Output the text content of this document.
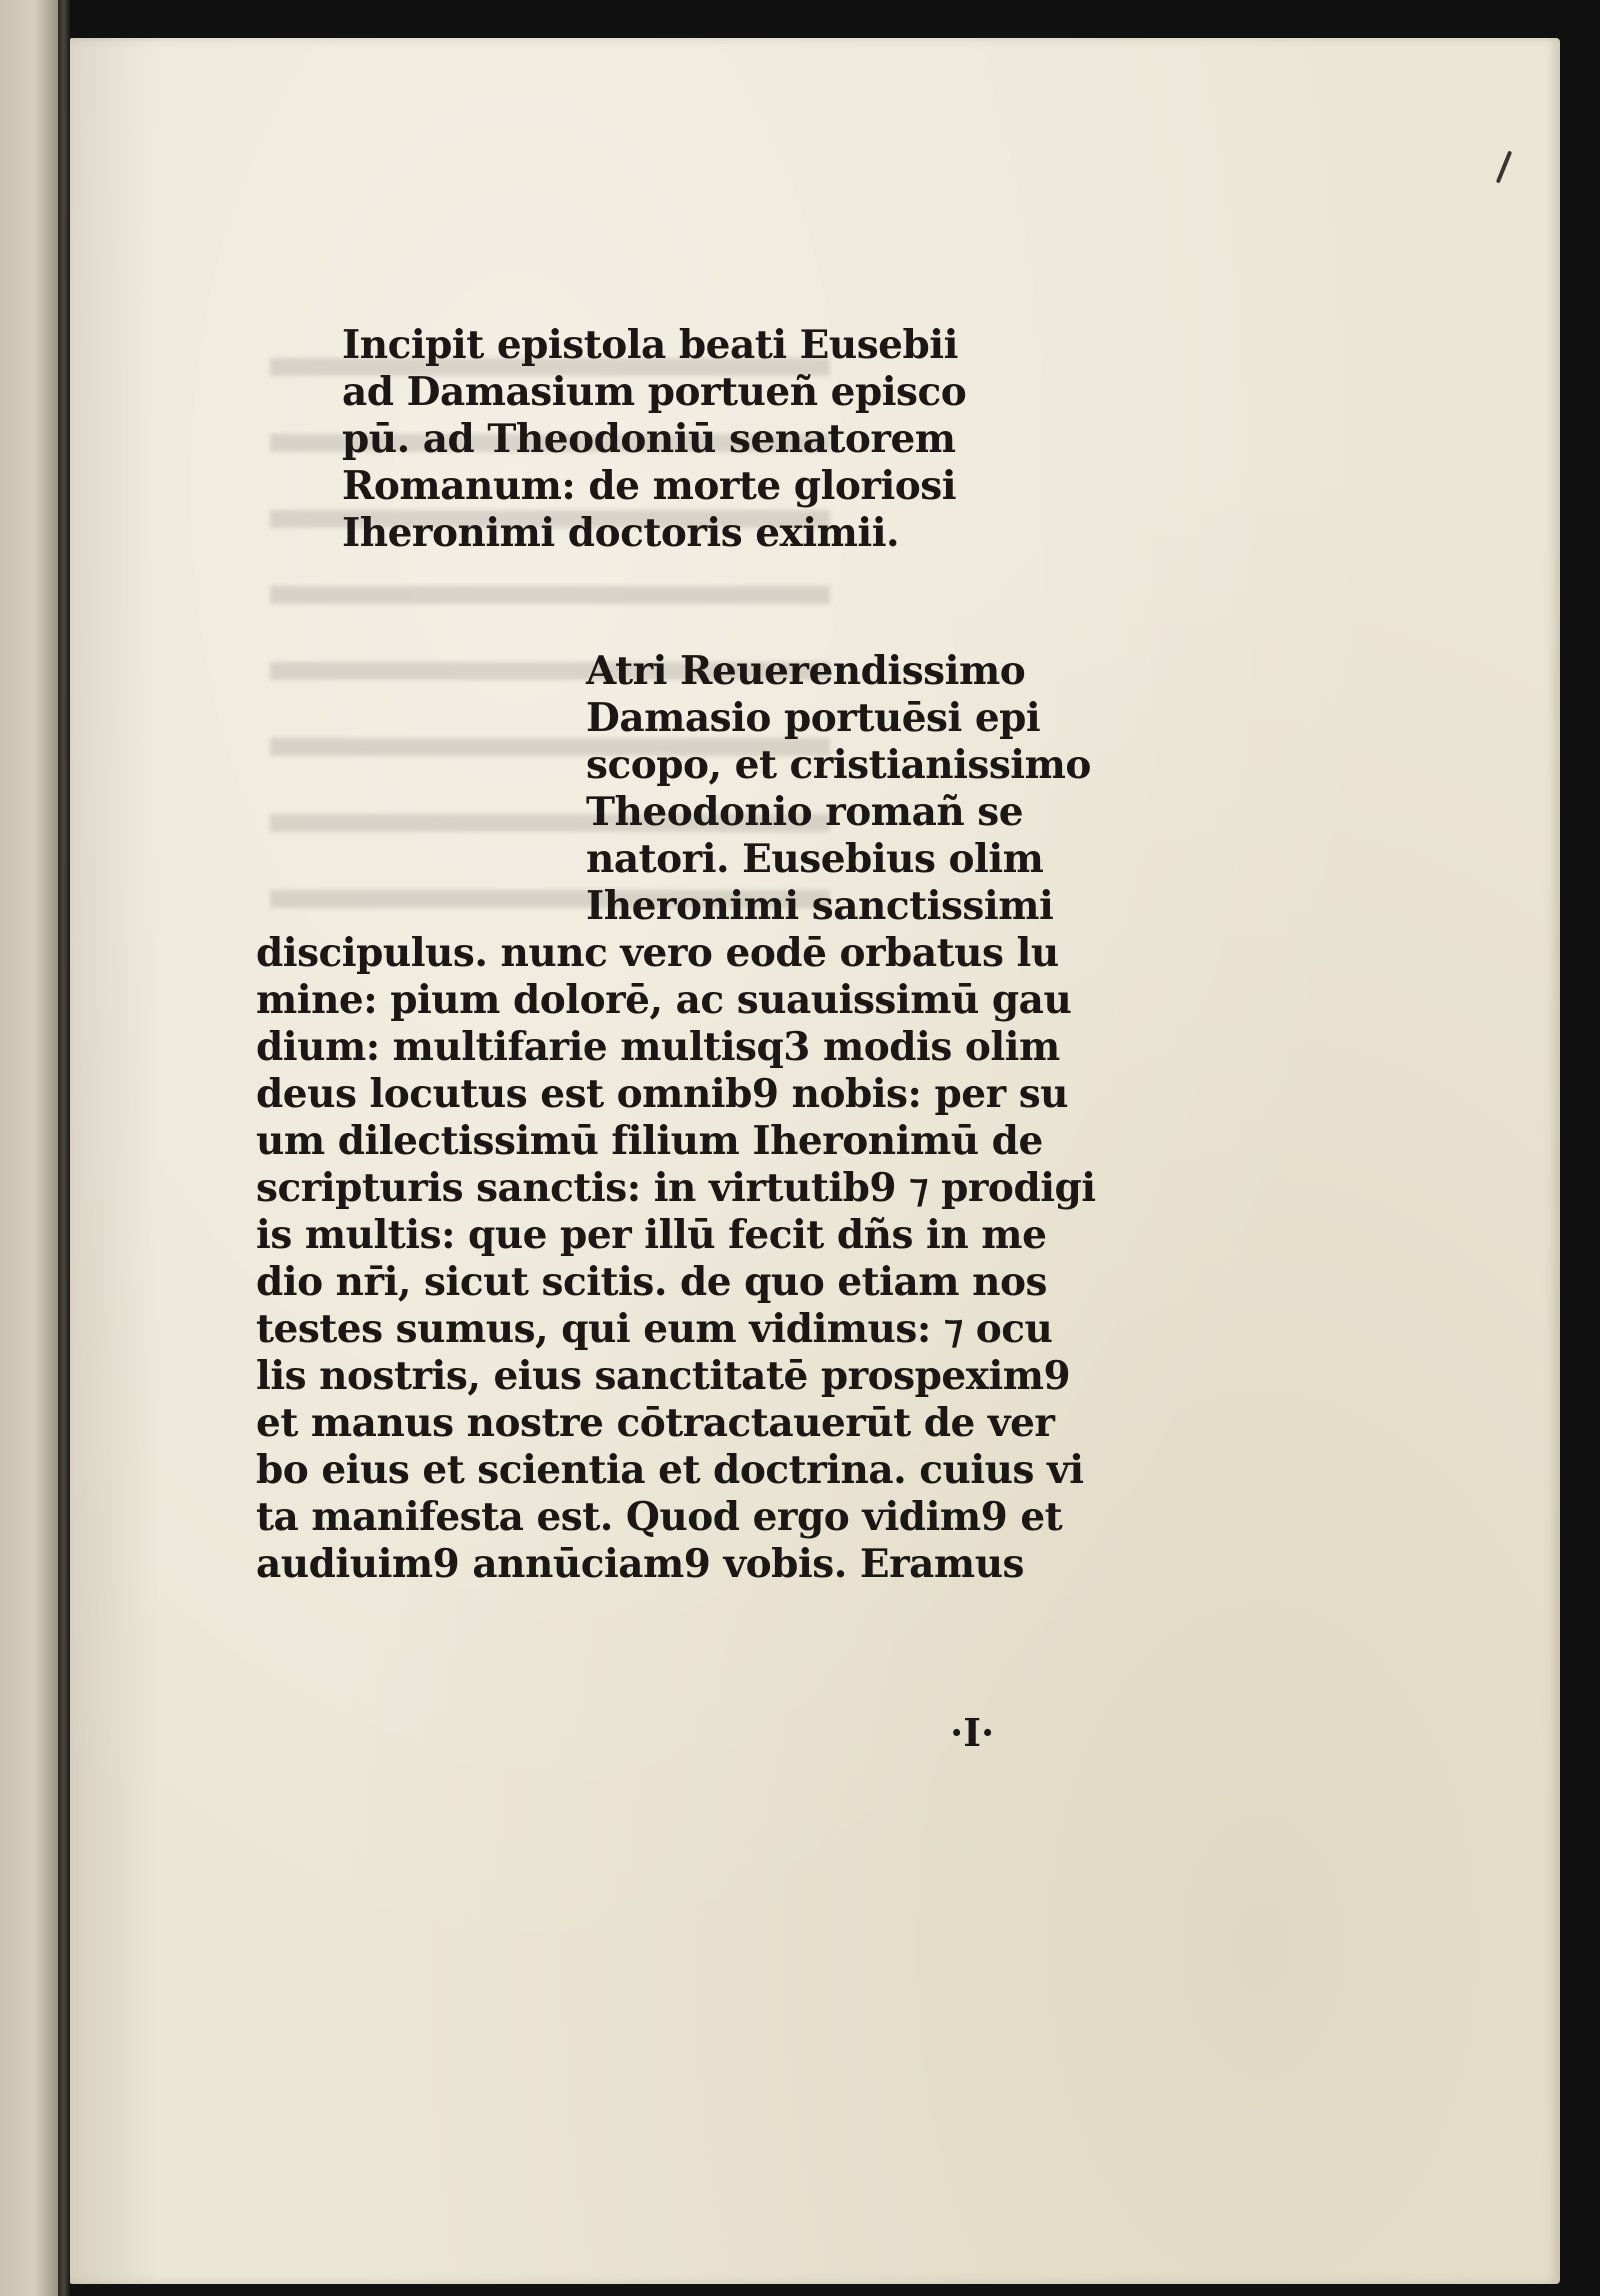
Incipit epistola beati Eusebii
ad Damasium portueñ episco
pū. ad Theodoniū senatorem
Romanum: de morte gloriosi
Iheronimi doctoris eximii.
Atri Reuerendissimo
Damasio portuēsi epi
scopo, et cristianissimo
Theodonio romañ se
natori. Eusebius olim
Iheronimi sanctissimi
discipulus. nunc vero eodē orbatus lu
mine: pium dolorē, ac suauissimū gau
dium: multifarie multisq3 modis olim
deus locutus est omnib9 nobis: per su
um dilectissimū filium Iheronimū de
scripturis sanctis: in virtutib9 ⁊ prodigi
is multis: que per illū fecit dñs in me
dio nr̄i, sicut scitis. de quo etiam nos
testes sumus, qui eum vidimus: ⁊ ocu
lis nostris, eius sanctitatē prospexim9
et manus nostre cōtractauerūt de ver
bo eius et scientia et doctrina. cuius vi
ta manifesta est. Quod ergo vidim9 et
audiuim9 annūciam9 vobis. Eramus
·I·
